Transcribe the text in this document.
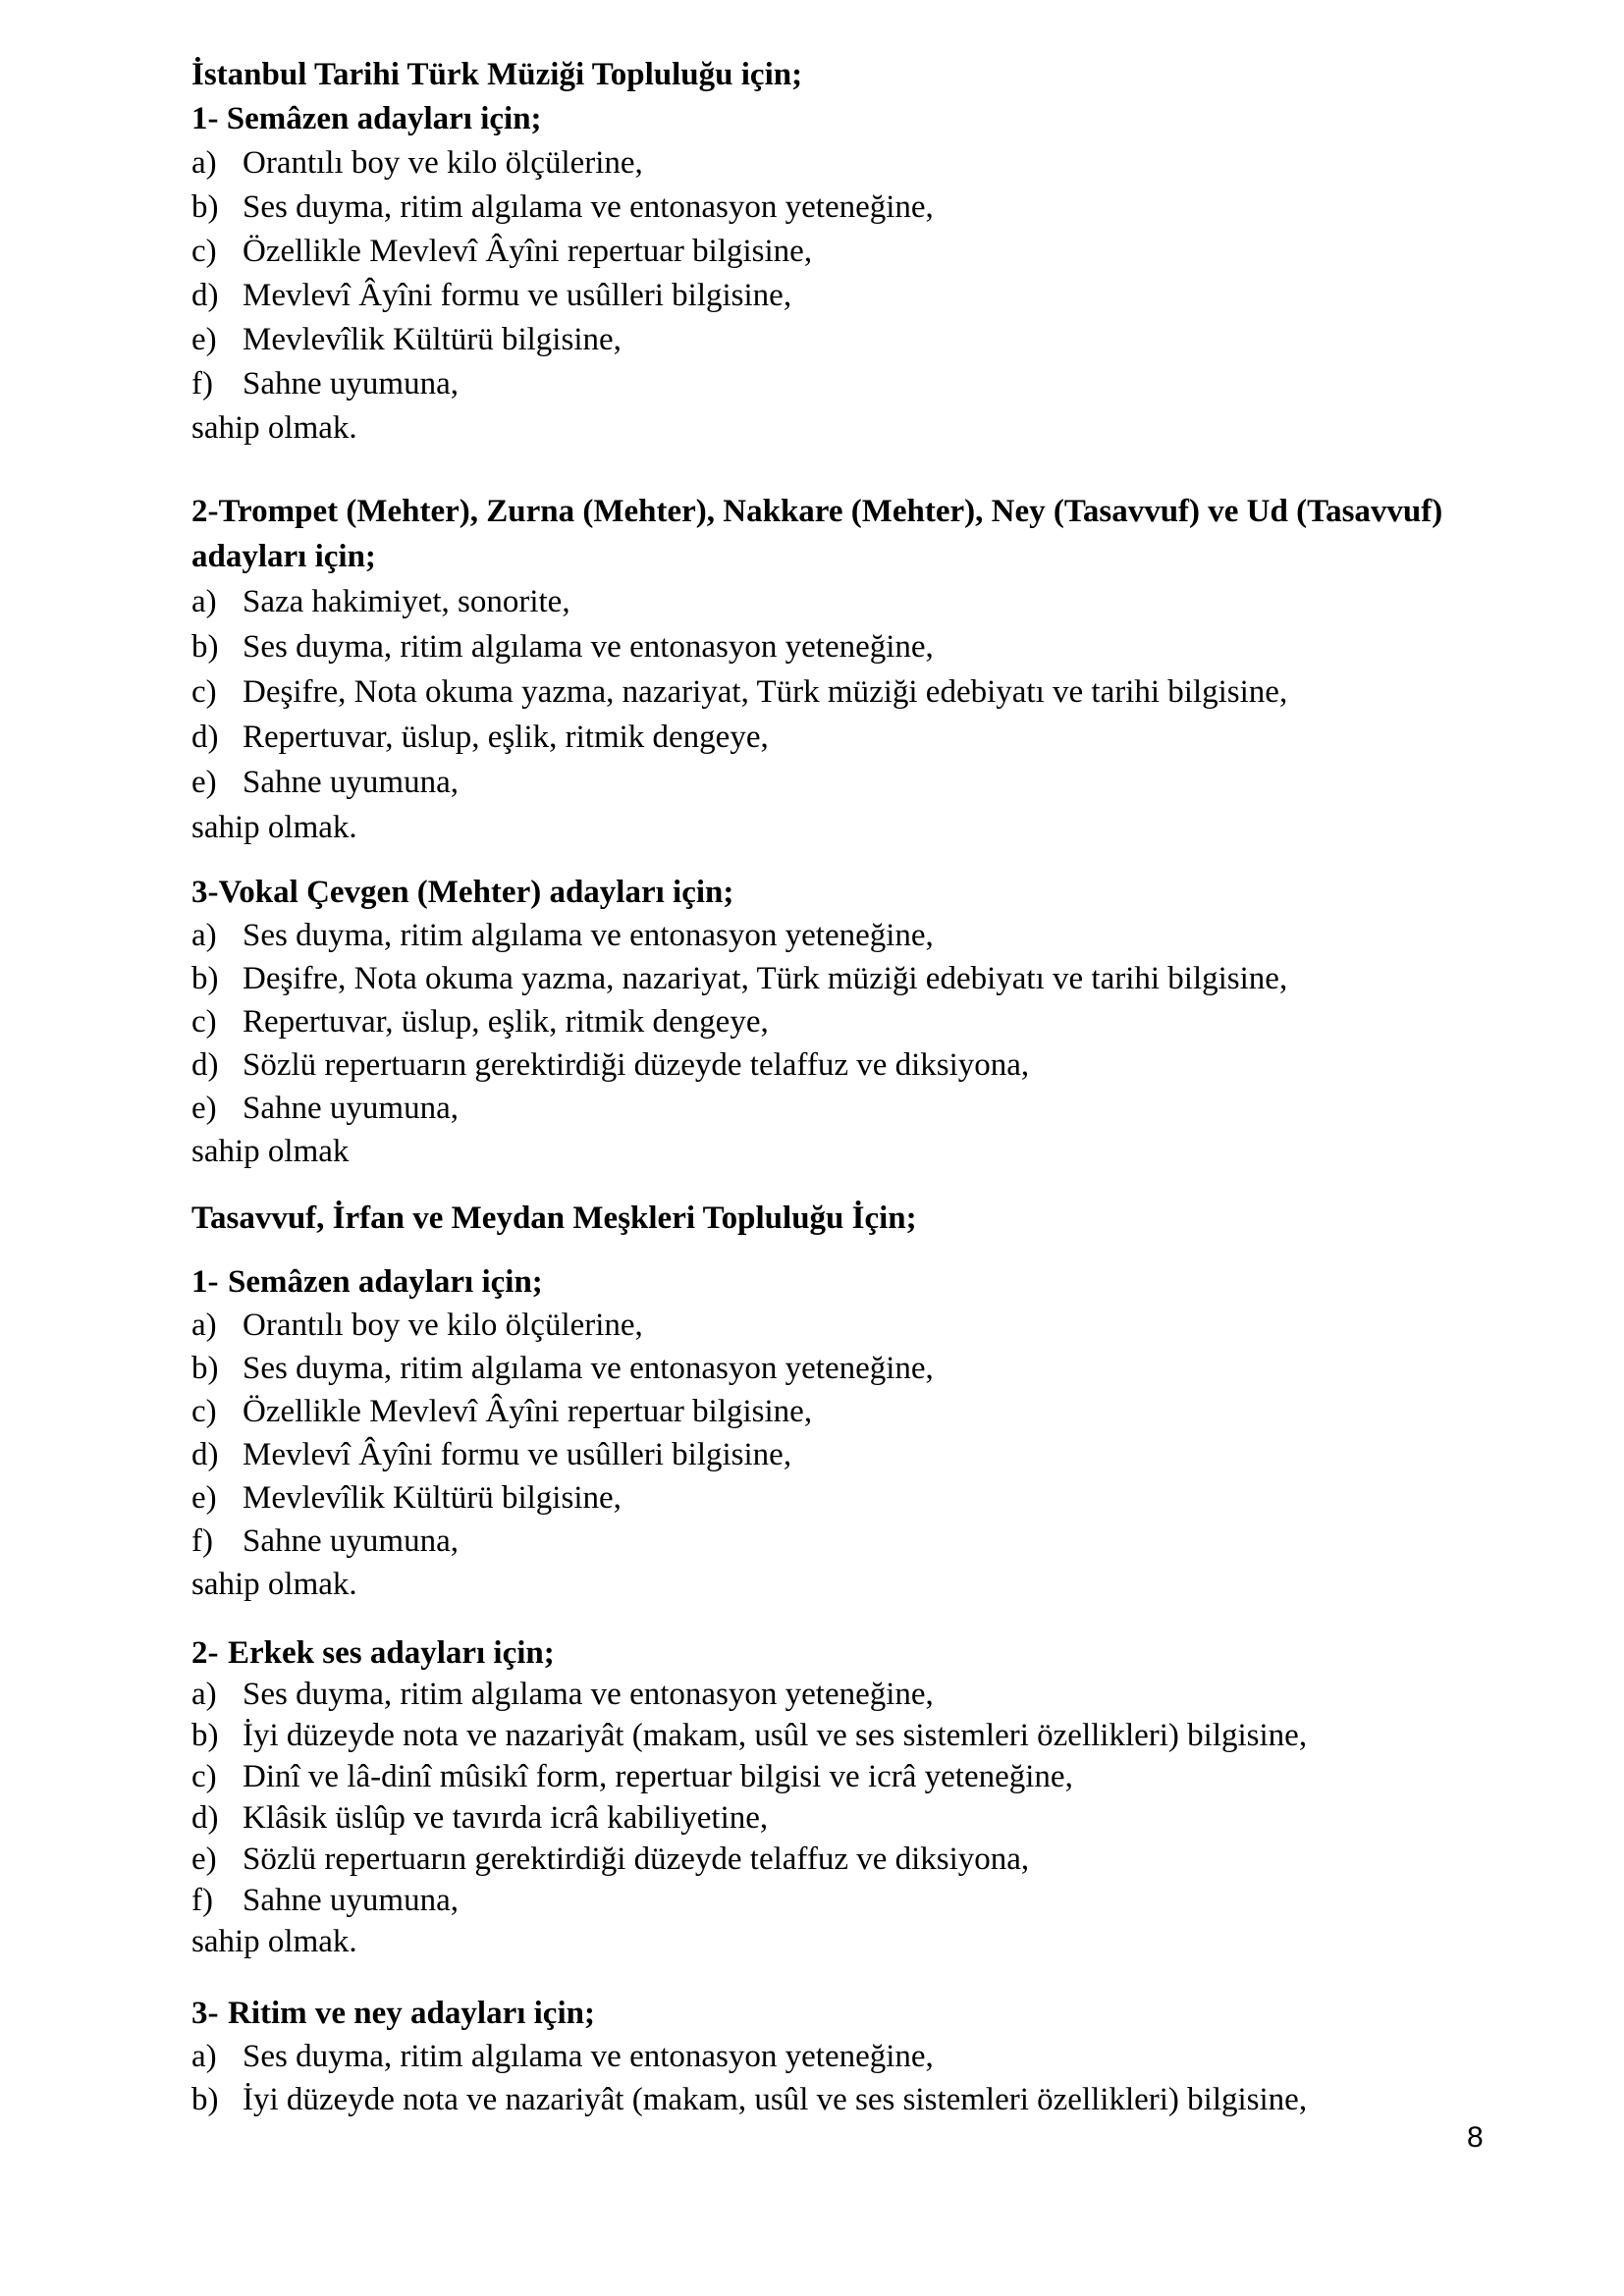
İstanbul Tarihi Türk Müziği Topluluğu için;
1- Semâzen adayları için;
a) Orantılı boy ve kilo ölçülerine,
b) Ses duyma, ritim algılama ve entonasyon yeteneğine,
c) Özellikle Mevlevî Âyîni repertuar bilgisine,
d) Mevlevî Âyîni formu ve usûlleri bilgisine,
e) Mevlevîlik Kültürü bilgisine,
f) Sahne uyumuna,
sahip olmak.
2-Trompet (Mehter), Zurna (Mehter), Nakkare (Mehter), Ney (Tasavvuf) ve Ud (Tasavvuf)
adayları için;
a) Saza hakimiyet, sonorite,
b) Ses duyma, ritim algılama ve entonasyon yeteneğine,
c) Deşifre, Nota okuma yazma, nazariyat, Türk müziği edebiyatı ve tarihi bilgisine,
d) Repertuvar, üslup, eşlik, ritmik dengeye,
e) Sahne uyumuna,
sahip olmak.
3-Vokal Çevgen (Mehter) adayları için;
a) Ses duyma, ritim algılama ve entonasyon yeteneğine,
b) Deşifre, Nota okuma yazma, nazariyat, Türk müziği edebiyatı ve tarihi bilgisine,
c) Repertuvar, üslup, eşlik, ritmik dengeye,
d) Sözlü repertuarın gerektirdiği düzeyde telaffuz ve diksiyona,
e) Sahne uyumuna,
sahip olmak
Tasavvuf, İrfan ve Meydan Meşkleri Topluluğu İçin;
1- Semâzen adayları için;
a) Orantılı boy ve kilo ölçülerine,
b) Ses duyma, ritim algılama ve entonasyon yeteneğine,
c) Özellikle Mevlevî Âyîni repertuar bilgisine,
d) Mevlevî Âyîni formu ve usûlleri bilgisine,
e) Mevlevîlik Kültürü bilgisine,
f) Sahne uyumuna,
sahip olmak.
2- Erkek ses adayları için;
a) Ses duyma, ritim algılama ve entonasyon yeteneğine,
b) İyi düzeyde nota ve nazariyât (makam, usûl ve ses sistemleri özellikleri) bilgisine,
c) Dinî ve lâ-dinî mûsikî form, repertuar bilgisi ve icrâ yeteneğine,
d) Klâsik üslûp ve tavırda icrâ kabiliyetine,
e) Sözlü repertuarın gerektirdiği düzeyde telaffuz ve diksiyona,
f) Sahne uyumuna,
sahip olmak.
3- Ritim ve ney adayları için;
a) Ses duyma, ritim algılama ve entonasyon yeteneğine,
b) İyi düzeyde nota ve nazariyât (makam, usûl ve ses sistemleri özellikleri) bilgisine,
8
